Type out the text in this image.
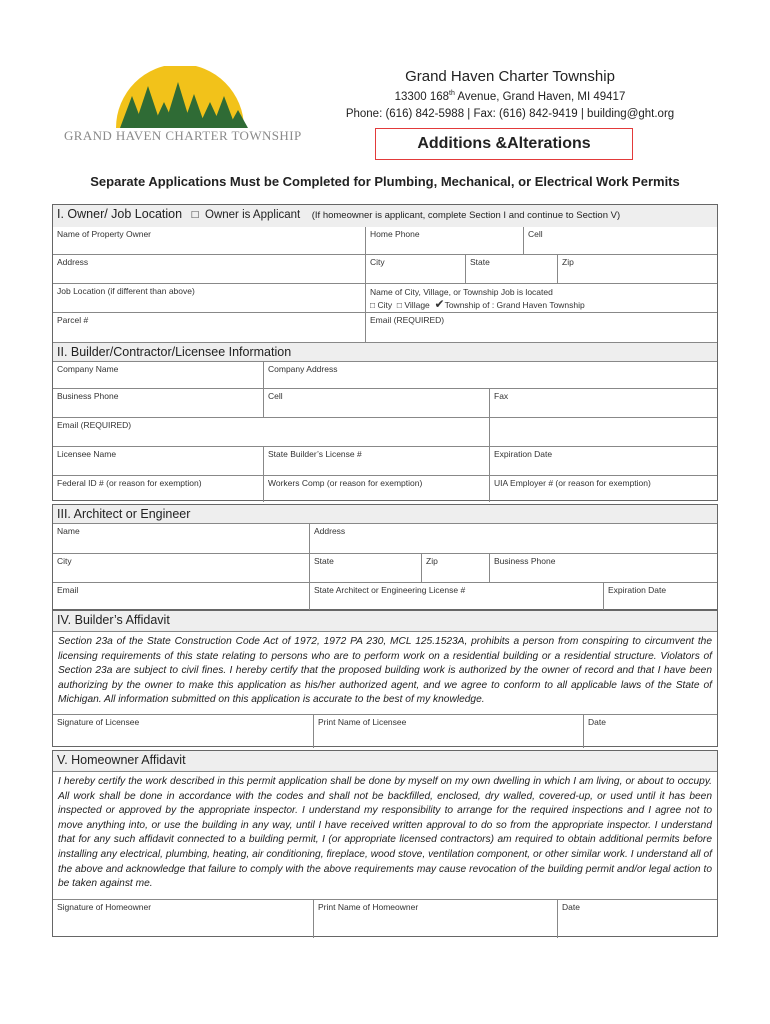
GRAND HAVEN CHARTER TOWNSHIP
Grand Haven Charter Township
13300 168th Avenue, Grand Haven, MI 49417
Phone: (616) 842-5988 | Fax: (616) 842-9419 | building@ght.org
Additions &Alterations
Separate Applications Must be Completed for Plumbing, Mechanical, or Electrical Work Permits
I. Owner/ Job Location □ Owner is Applicant (If homeowner is applicant, complete Section I and continue to Section V)
Name of Property Owner	Home Phone	Cell
Address	City	State	Zip
Job Location (if different than above)	Name of City, Village, or Township Job is located
□ City □ Village ✔Township of : Grand Haven Township
Parcel #	Email (REQUIRED)
II. Builder/Contractor/Licensee Information
Company Name	Company Address
Business Phone	Cell	Fax
Email (REQUIRED)
Licensee Name	State Builder’s License #	Expiration Date
Federal ID # (or reason for exemption)	Workers Comp (or reason for exemption)	UIA Employer # (or reason for exemption)
III. Architect or Engineer
Name	Address
City	State	Zip	Business Phone
Email	State Architect or Engineering License #	Expiration Date
IV. Builder’s Affidavit
Section 23a of the State Construction Code Act of 1972, 1972 PA 230, MCL 125.1523A, prohibits a person from conspiring to circumvent the licensing requirements of this state relating to persons who are to perform work on a residential building or a residential structure. Violators of Section 23a are subject to civil fines. I hereby certify that the proposed building work is authorized by the owner of record and that I have been authorizing by the owner to make this application as his/her authorized agent, and we agree to conform to all applicable laws of the State of Michigan. All information submitted on this application is accurate to the best of my knowledge.
Signature of Licensee	Print Name of Licensee	Date
V. Homeowner Affidavit
I hereby certify the work described in this permit application shall be done by myself on my own dwelling in which I am living, or about to occupy. All work shall be done in accordance with the codes and shall not be backfilled, enclosed, dry walled, covered-up, or used until it has been inspected or approved by the appropriate inspector. I understand my responsibility to arrange for the required inspections and I agree not to move anything into, or use the building in any way, until I have received written approval to do so from the appropriate inspector. I understand that for any such affidavit connected to a building permit, I (or appropriate licensed contractors) am required to obtain additional permits before installing any electrical, plumbing, heating, air conditioning, fireplace, wood stove, ventilation component, or other similar work. I understand all of the above and acknowledge that failure to comply with the above requirements may cause revocation of the building permit and/or legal action to be taken against me.
Signature of Homeowner	Print Name of Homeowner	Date
